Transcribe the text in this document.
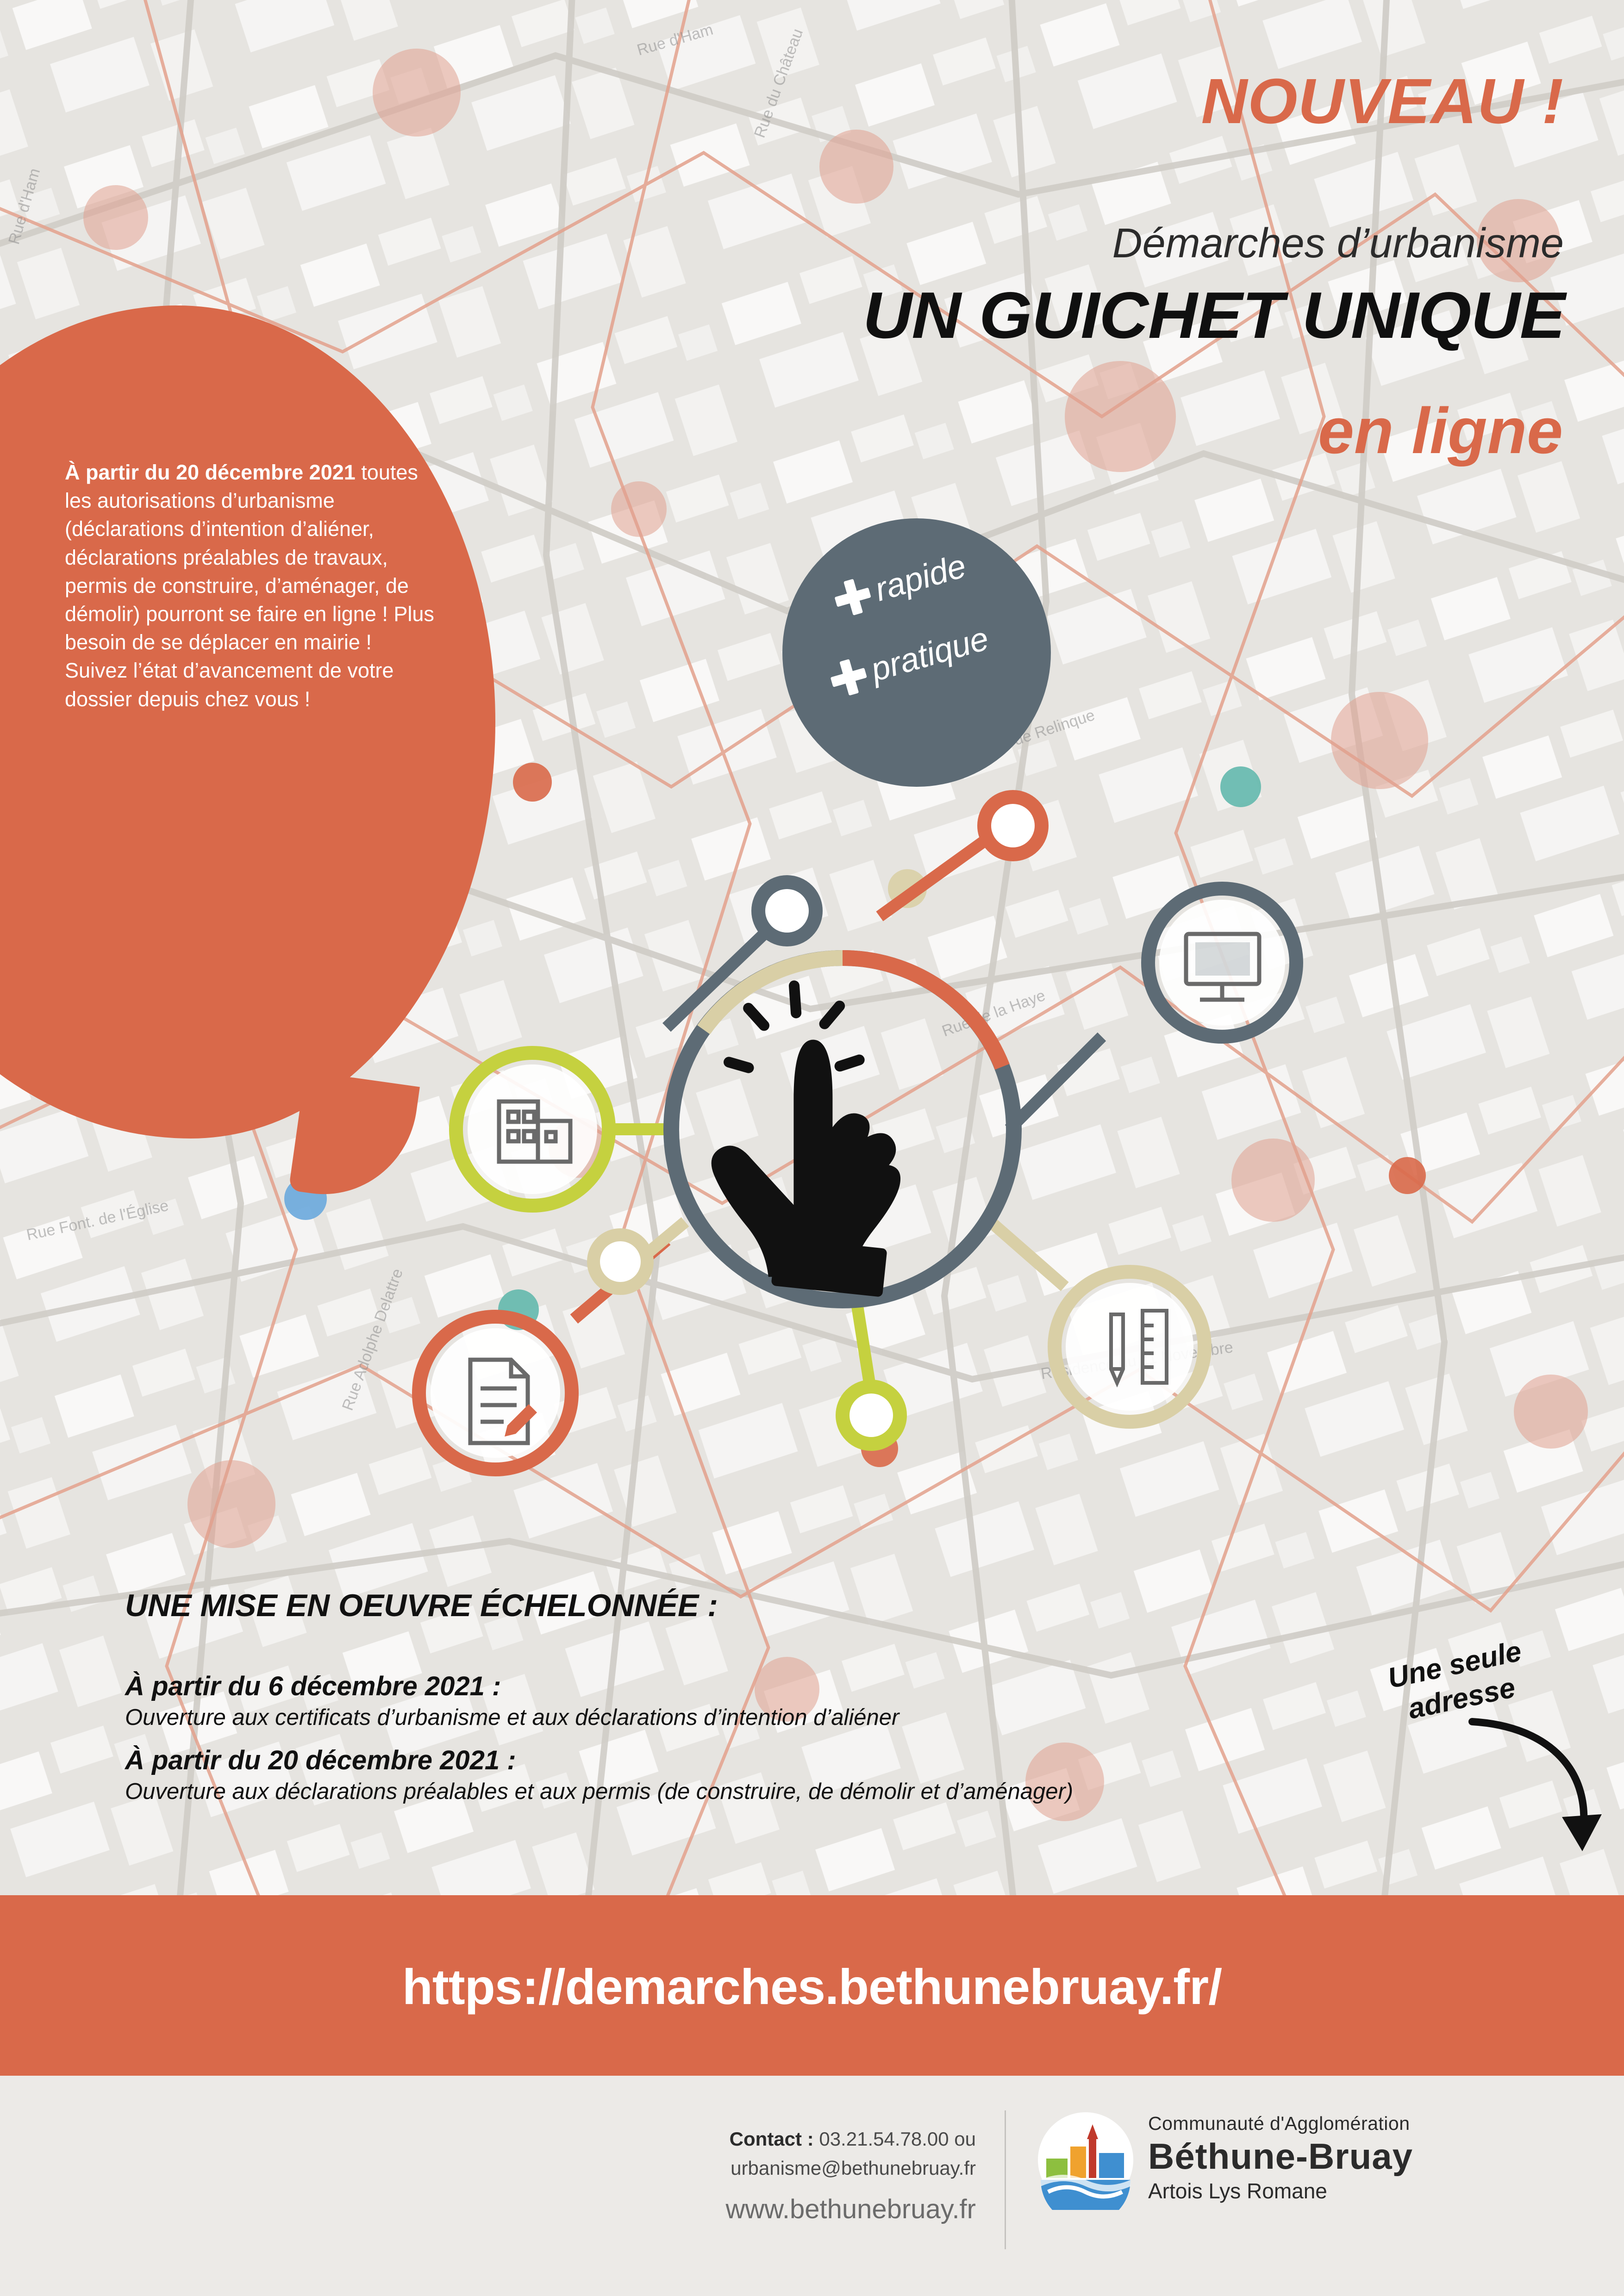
Rue d'Ham
Rue d'Ham
Rue du Château
de Relinque
Rue Font. de l'Église
Rue Adolphe Delattre	Novembre
Rue de la Haye
À partir du 20 décembre 2021 toutes les autorisations d’urbanisme (déclarations d’intention d’aliéner, déclarations préalables de travaux, permis de construire, d’aménager, de démolir) pourront se faire en ligne ! Plus besoin de se déplacer en mairie ! Suivez l’état d’avancement de votre dossier depuis chez vous !
NOUVEAU !
Démarches d’urbanisme
UN GUICHET UNIQUE
en ligne
rapide
pratique
UNE MISE EN OEUVRE ÉCHELONNÉE :
À partir du 6 décembre 2021 :
Ouverture aux certificats d’urbanisme et aux déclarations d’intention d’aliéner
À partir du 20 décembre 2021 :
Ouverture aux déclarations préalables et aux permis (de construire, de démolir et d’aménager)
Une seule adresse
https://demarches.bethunebruay.fr/
Contact : 03.21.54.78.00 ou
urbanisme@bethunebruay.fr
www.bethunebruay.fr
Communauté d'Agglomération
Béthune-Bruay
Artois Lys Romane
